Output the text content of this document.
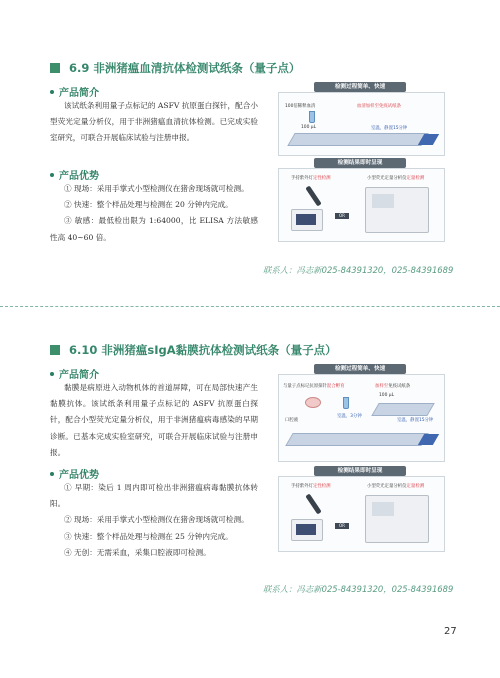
6.9 非洲猪瘟血清抗体检测试纸条（量子点）
产品简介
该试纸条利用量子点标记的 ASFV 抗原蛋白探针，配合小型荧光定量分析仪，用于非洲猪瘟血清抗体检测。已完成实验室研究，可联合开展临床试验与注册申报。
产品优势

① 现场：采用手掌式小型检测仪在猪舍现场就可检测。

② 快速：整个样品处理与检测在 20 分钟内完成。

③ 敏感：最低检出限为 1:64000，比 ELISA 方法敏感性高 40~60 倍。

检测过程简单、快速
100倍稀释血清
100 μL
血清加样至免疫试纸条
室温，静置15分钟
检测结果即时呈现
手持紫外灯定性检测	小型荧光定量分析仪定量检测
OR
联系人：冯志新025-84391320，025-84391689
6.10 非洲猪瘟sIgA黏膜抗体检测试纸条（量子点）
产品简介
黏膜是病原进入动物机体的首道屏障，可在局部快速产生黏膜抗体。该试纸条利用量子点标记的 ASFV 抗原蛋白探针，配合小型荧光定量分析仪，用于非洲猪瘟病毒感染的早期诊断。已基本完成实验室研究，可联合开展临床试验与注册申报。
产品优势

① 早期：染后 1 周内即可检出非洲猪瘟病毒黏膜抗体转阳。

② 现场：采用手掌式小型检测仪在猪舍现场就可检测。

③ 快速：整个样品处理与检测在 25 分钟内完成。

④ 无创：无需采血，采集口腔液即可检测。

检测过程简单、快速
与量子点标记抗原探针混合孵育	加样至免疫试纸条
100 μL
室温，3分钟
室温，静置15分钟
口腔液
检测结果即时呈现
手持紫外灯定性检测	小型荧光定量分析仪定量检测
OR
联系人：冯志新025-84391320，025-84391689
27
